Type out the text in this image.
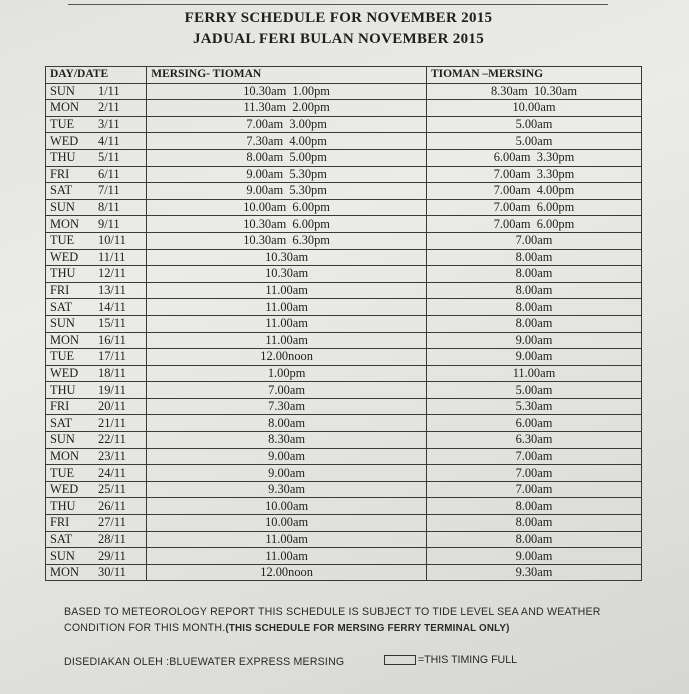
FERRY SCHEDULE FOR NOVEMBER 2015
JADUAL FERI BULAN NOVEMBER 2015
DAY/DATE	MERSING- TIOMAN	TIOMAN –MERSING
SUN 1/11	10.30am  1.00pm	8.30am  10.30am
MON 2/11	11.30am  2.00pm	10.00am
TUE 3/11	7.00am  3.00pm	5.00am
WED 4/11	7.30am  4.00pm	5.00am
THU 5/11	8.00am  5.00pm	6.00am  3.30pm
FRI 6/11	9.00am  5.30pm	7.00am  3.30pm
SAT 7/11	9.00am  5.30pm	7.00am  4.00pm
SUN 8/11	10.00am  6.00pm	7.00am  6.00pm
MON 9/11	10.30am  6.00pm	7.00am  6.00pm
TUE 10/11	10.30am  6.30pm	7.00am
WED 11/11	10.30am	8.00am
THU 12/11	10.30am	8.00am
FRI 13/11	11.00am	8.00am
SAT 14/11	11.00am	8.00am
SUN 15/11	11.00am	8.00am
MON 16/11	11.00am	9.00am
TUE 17/11	12.00noon	9.00am
WED 18/11	1.00pm	11.00am
THU 19/11	7.00am	5.00am
FRI 20/11	7.30am	5.30am
SAT 21/11	8.00am	6.00am
SUN 22/11	8.30am	6.30am
MON 23/11	9.00am	7.00am
TUE 24/11	9.00am	7.00am
WED 25/11	9.30am	7.00am
THU 26/11	10.00am	8.00am
FRI 27/11	10.00am	8.00am
SAT 28/11	11.00am	8.00am
SUN 29/11	11.00am	9.00am
MON 30/11	12.00noon	9.30am
BASED TO METEOROLOGY REPORT THIS SCHEDULE IS SUBJECT TO TIDE LEVEL SEA AND WEATHER CONDITION FOR THIS MONTH.(THIS SCHEDULE FOR MERSING FERRY TERMINAL ONLY)
DISEDIAKAN OLEH :BLUEWATER EXPRESS MERSING	=THIS TIMING FULL
